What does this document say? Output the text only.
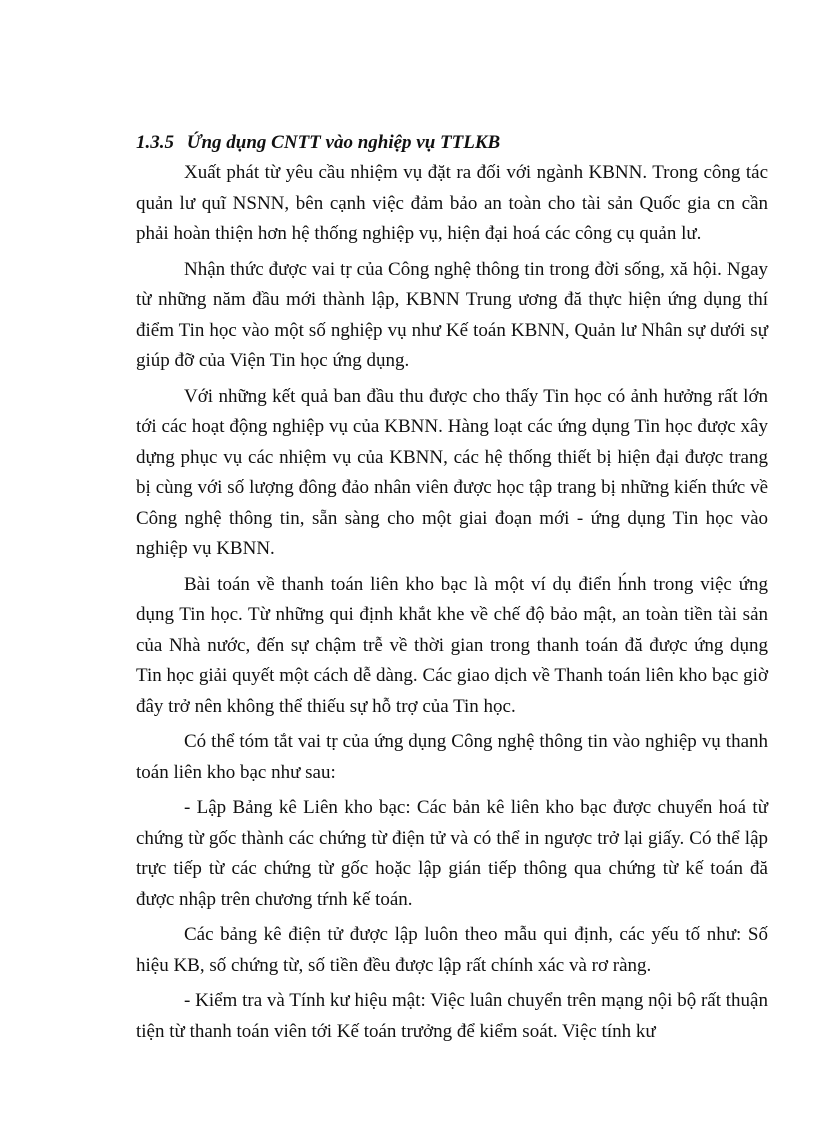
1.3.5 Ứng dụng CNTT vào nghiệp vụ TTLKB

Xuất phát từ yêu cầu nhiệm vụ đặt ra đối với ngành KBNN. Trong công tác quản lư quĩ NSNN, bên cạnh việc đảm bảo an toàn cho tài sản Quốc gia cn cần phải hoàn thiện hơn hệ thống nghiệp vụ, hiện đại hoá các công cụ quản lư.

Nhận thức được vai tṛ của Công nghệ thông tin trong đời sống, xă hội. Ngay từ những năm đầu mới thành lập, KBNN Trung ương đă thực hiện ứng dụng thí điểm Tin học vào một số nghiệp vụ như Kế toán KBNN, Quản lư Nhân sự dưới sự giúp đỡ của Viện Tin học ứng dụng.

Với những kết quả ban đầu thu được cho thấy Tin học có ảnh hưởng rất lớn tới các hoạt động nghiệp vụ của KBNN. Hàng loạt các ứng dụng Tin học được xây dựng phục vụ các nhiệm vụ của KBNN, các hệ thống thiết bị hiện đại được trang bị cùng với số lượng đông đảo nhân viên được học tập trang bị những kiến thức về Công nghệ thông tin, sẵn sàng cho một giai đoạn mới - ứng dụng Tin học vào nghiệp vụ KBNN.

Bài toán về thanh toán liên kho bạc là một ví dụ điển h́nh trong việc ứng dụng Tin học. Từ những qui định khắt khe về chế độ bảo mật, an toàn tiền tài sản của Nhà nước, đến sự chậm trễ về thời gian trong thanh toán đă được ứng dụng Tin học giải quyết một cách dễ dàng. Các giao dịch về Thanh toán liên kho bạc giờ đây trở nên không thể thiếu sự hỗ trợ của Tin học.

Có thể tóm tắt vai tṛ của ứng dụng Công nghệ thông tin vào nghiệp vụ thanh toán liên kho bạc như sau:

- Lập Bảng kê Liên kho bạc: Các bản kê liên kho bạc được chuyển hoá từ chứng từ gốc thành các chứng từ điện tử và có thể in ngược trở lại giấy. Có thể lập trực tiếp từ các chứng từ gốc hoặc lập gián tiếp thông qua chứng từ kế toán đă được nhập trên chương tŕnh kế toán.

Các bảng kê điện tử được lập luôn theo mẫu qui định, các yếu tố như: Số hiệu KB, số chứng từ, số tiền đều được lập rất chính xác và rơ ràng.

- Kiểm tra và Tính kư hiệu mật: Việc luân chuyển trên mạng nội bộ rất thuận tiện từ thanh toán viên tới Kế toán trưởng để kiểm soát. Việc tính kư
